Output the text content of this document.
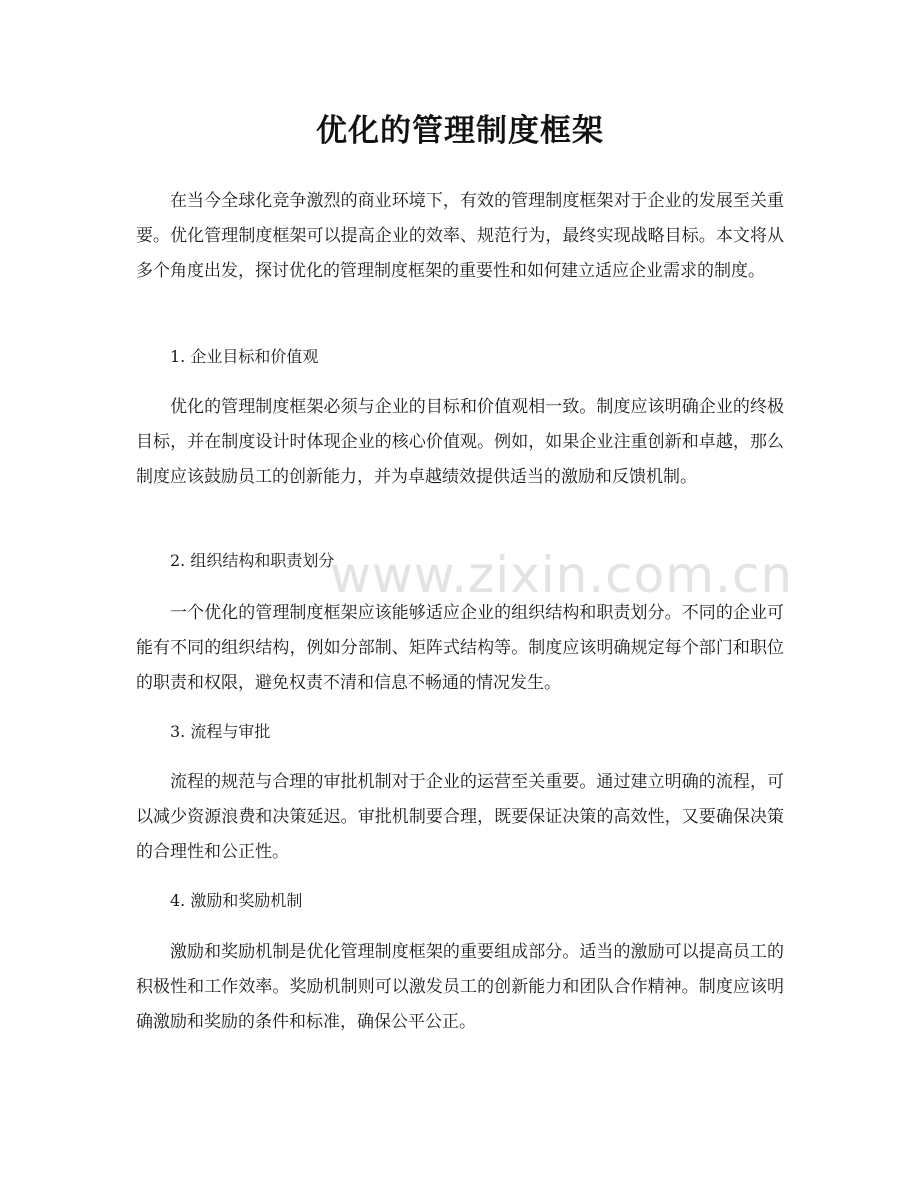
www.zixin.com.cn
优化的管理制度框架

在当今全球化竞争激烈的商业环境下，有效的管理制度框架对于企业的发展至关重要。优化管理制度框架可以提高企业的效率、规范行为，最终实现战略目标。本文将从多个角度出发，探讨优化的管理制度框架的重要性和如何建立适应企业需求的制度。

1. 企业目标和价值观

优化的管理制度框架必须与企业的目标和价值观相一致。制度应该明确企业的终极目标，并在制度设计时体现企业的核心价值观。例如，如果企业注重创新和卓越，那么制度应该鼓励员工的创新能力，并为卓越绩效提供适当的激励和反馈机制。

2. 组织结构和职责划分

一个优化的管理制度框架应该能够适应企业的组织结构和职责划分。不同的企业可能有不同的组织结构，例如分部制、矩阵式结构等。制度应该明确规定每个部门和职位的职责和权限，避免权责不清和信息不畅通的情况发生。

3. 流程与审批

流程的规范与合理的审批机制对于企业的运营至关重要。通过建立明确的流程，可以减少资源浪费和决策延迟。审批机制要合理，既要保证决策的高效性，又要确保决策的合理性和公正性。

4. 激励和奖励机制

激励和奖励机制是优化管理制度框架的重要组成部分。适当的激励可以提高员工的积极性和工作效率。奖励机制则可以激发员工的创新能力和团队合作精神。制度应该明确激励和奖励的条件和标准，确保公平公正。
